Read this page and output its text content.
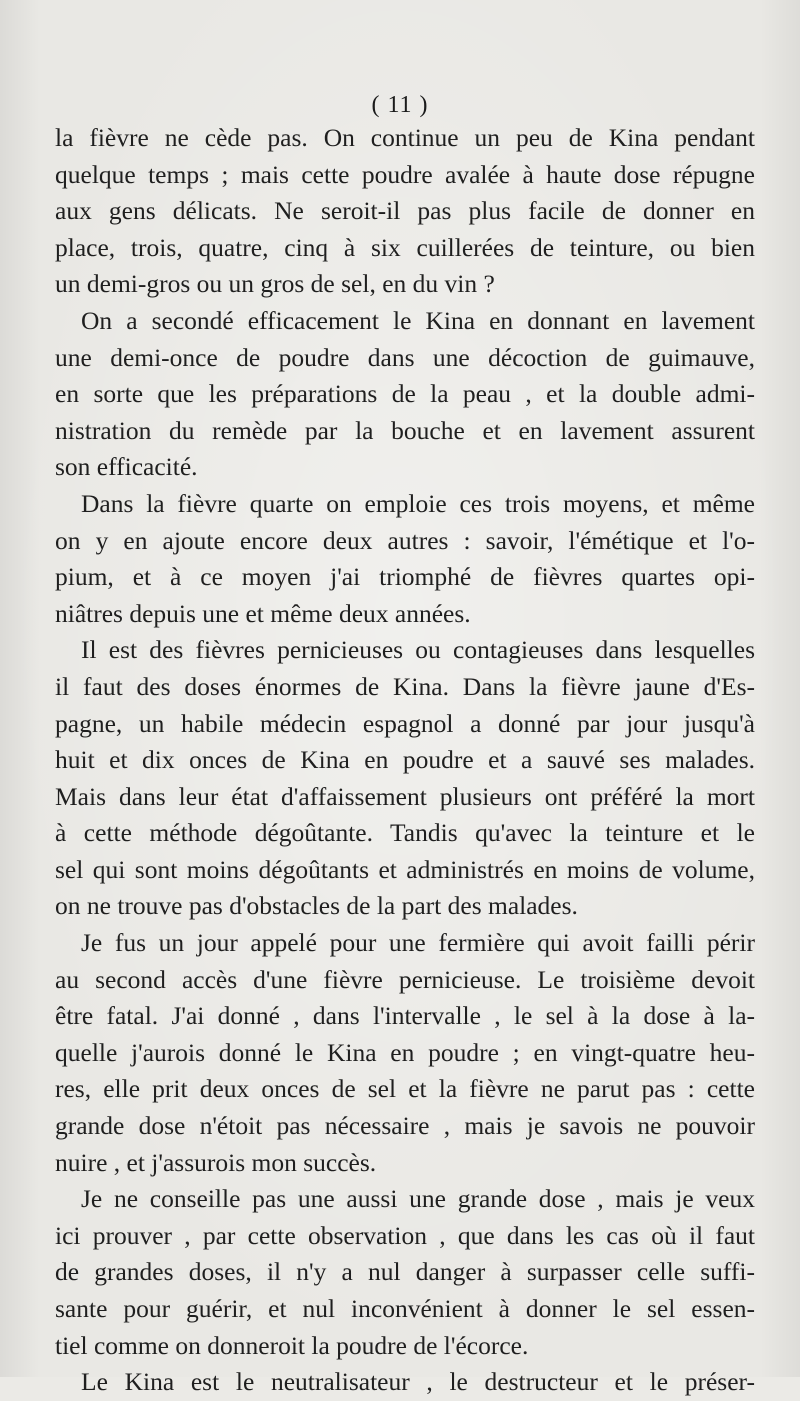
( 11 )
la fièvre ne cède pas. On continue un peu de Kina pendant
quelque temps ; mais cette poudre avalée à haute dose répugne
aux gens délicats. Ne seroit-il pas plus facile de donner en
place, trois, quatre, cinq à six cuillerées de teinture, ou bien
un demi-gros ou un gros de sel, en du vin ?
On a secondé efficacement le Kina en donnant en lavement
une demi-once de poudre dans une décoction de guimauve,
en sorte que les préparations de la peau , et la double admi-
nistration du remède par la bouche et en lavement assurent
son efficacité.
Dans la fièvre quarte on emploie ces trois moyens, et même
on y en ajoute encore deux autres : savoir, l'émétique et l'o-
pium, et à ce moyen j'ai triomphé de fièvres quartes opi-
niâtres depuis une et même deux années.
Il est des fièvres pernicieuses ou contagieuses dans lesquelles
il faut des doses énormes de Kina. Dans la fièvre jaune d'Es-
pagne, un habile médecin espagnol a donné par jour jusqu'à
huit et dix onces de Kina en poudre et a sauvé ses malades.
Mais dans leur état d'affaissement plusieurs ont préféré la mort
à cette méthode dégoûtante. Tandis qu'avec la teinture et le
sel qui sont moins dégoûtants et administrés en moins de volume,
on ne trouve pas d'obstacles de la part des malades.
Je fus un jour appelé pour une fermière qui avoit failli périr
au second accès d'une fièvre pernicieuse. Le troisième devoit
être fatal. J'ai donné , dans l'intervalle , le sel à la dose à la-
quelle j'aurois donné le Kina en poudre ; en vingt-quatre heu-
res, elle prit deux onces de sel et la fièvre ne parut pas : cette
grande dose n'étoit pas nécessaire , mais je savois ne pouvoir
nuire , et j'assurois mon succès.
Je ne conseille pas une aussi une grande dose , mais je veux
ici prouver , par cette observation , que dans les cas où il faut
de grandes doses, il n'y a nul danger à surpasser celle suffi-
sante pour guérir, et nul inconvénient à donner le sel essen-
tiel comme on donneroit la poudre de l'écorce.
Le Kina est le neutralisateur , le destructeur et le préser-
